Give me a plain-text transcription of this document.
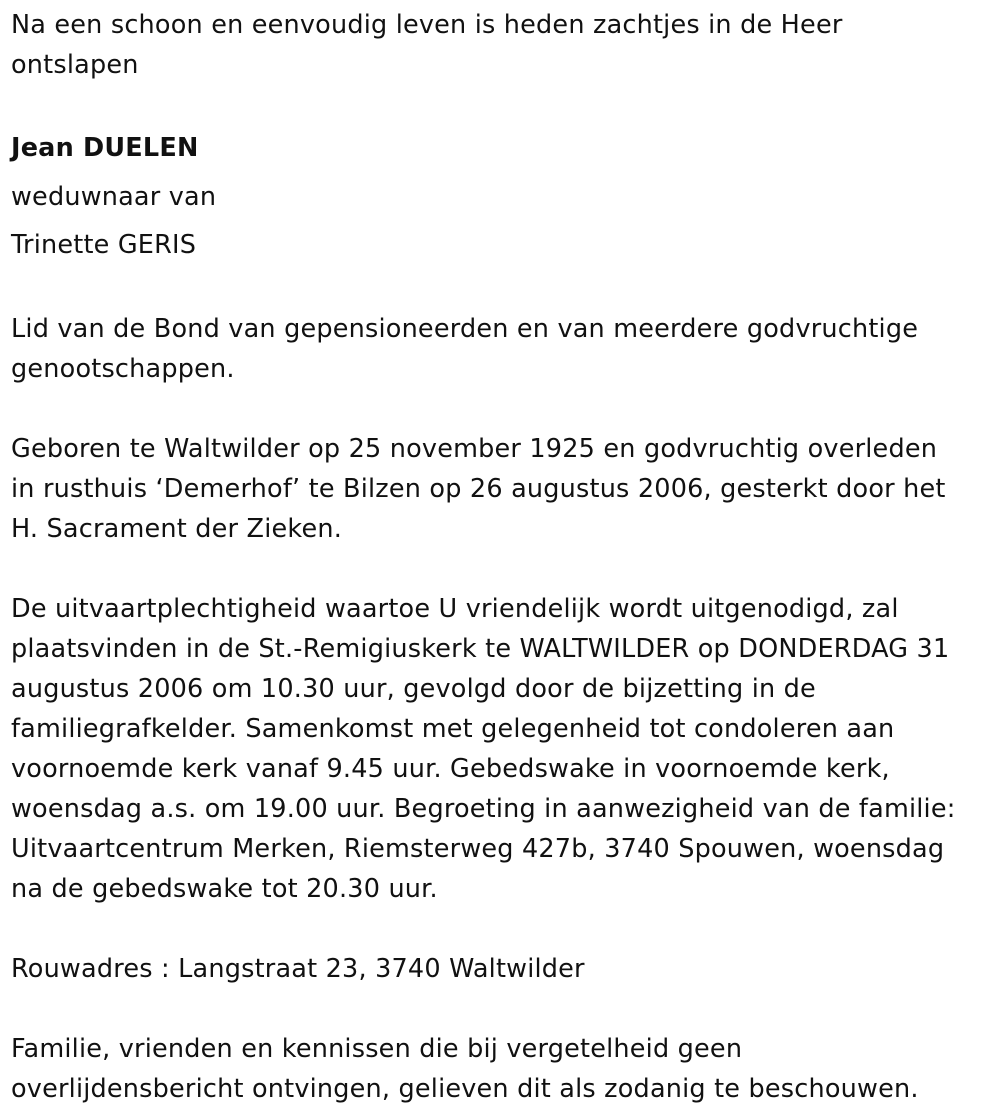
Na een schoon en eenvoudig leven is heden zachtjes in de Heer
ontslapen
Jean DUELEN
weduwnaar van
Trinette GERIS
Lid van de Bond van gepensioneerden en van meerdere godvruchtige
genootschappen.
Geboren te Waltwilder op 25 november 1925 en godvruchtig overleden
in rusthuis ‘Demerhof’ te Bilzen op 26 augustus 2006, gesterkt door het
H. Sacrament der Zieken.
De uitvaartplechtigheid waartoe U vriendelijk wordt uitgenodigd, zal
plaatsvinden in de St.-Remigiuskerk te WALTWILDER op DONDERDAG 31
augustus 2006 om 10.30 uur, gevolgd door de bijzetting in de
familiegrafkelder. Samenkomst met gelegenheid tot condoleren aan
voornoemde kerk vanaf 9.45 uur. Gebedswake in voornoemde kerk,
woensdag a.s. om 19.00 uur. Begroeting in aanwezigheid van de familie:
Uitvaartcentrum Merken, Riemsterweg 427b, 3740 Spouwen, woensdag
na de gebedswake tot 20.30 uur.
Rouwadres : Langstraat 23, 3740 Waltwilder
Familie, vrienden en kennissen die bij vergetelheid geen
overlijdensbericht ontvingen, gelieven dit als zodanig te beschouwen.
